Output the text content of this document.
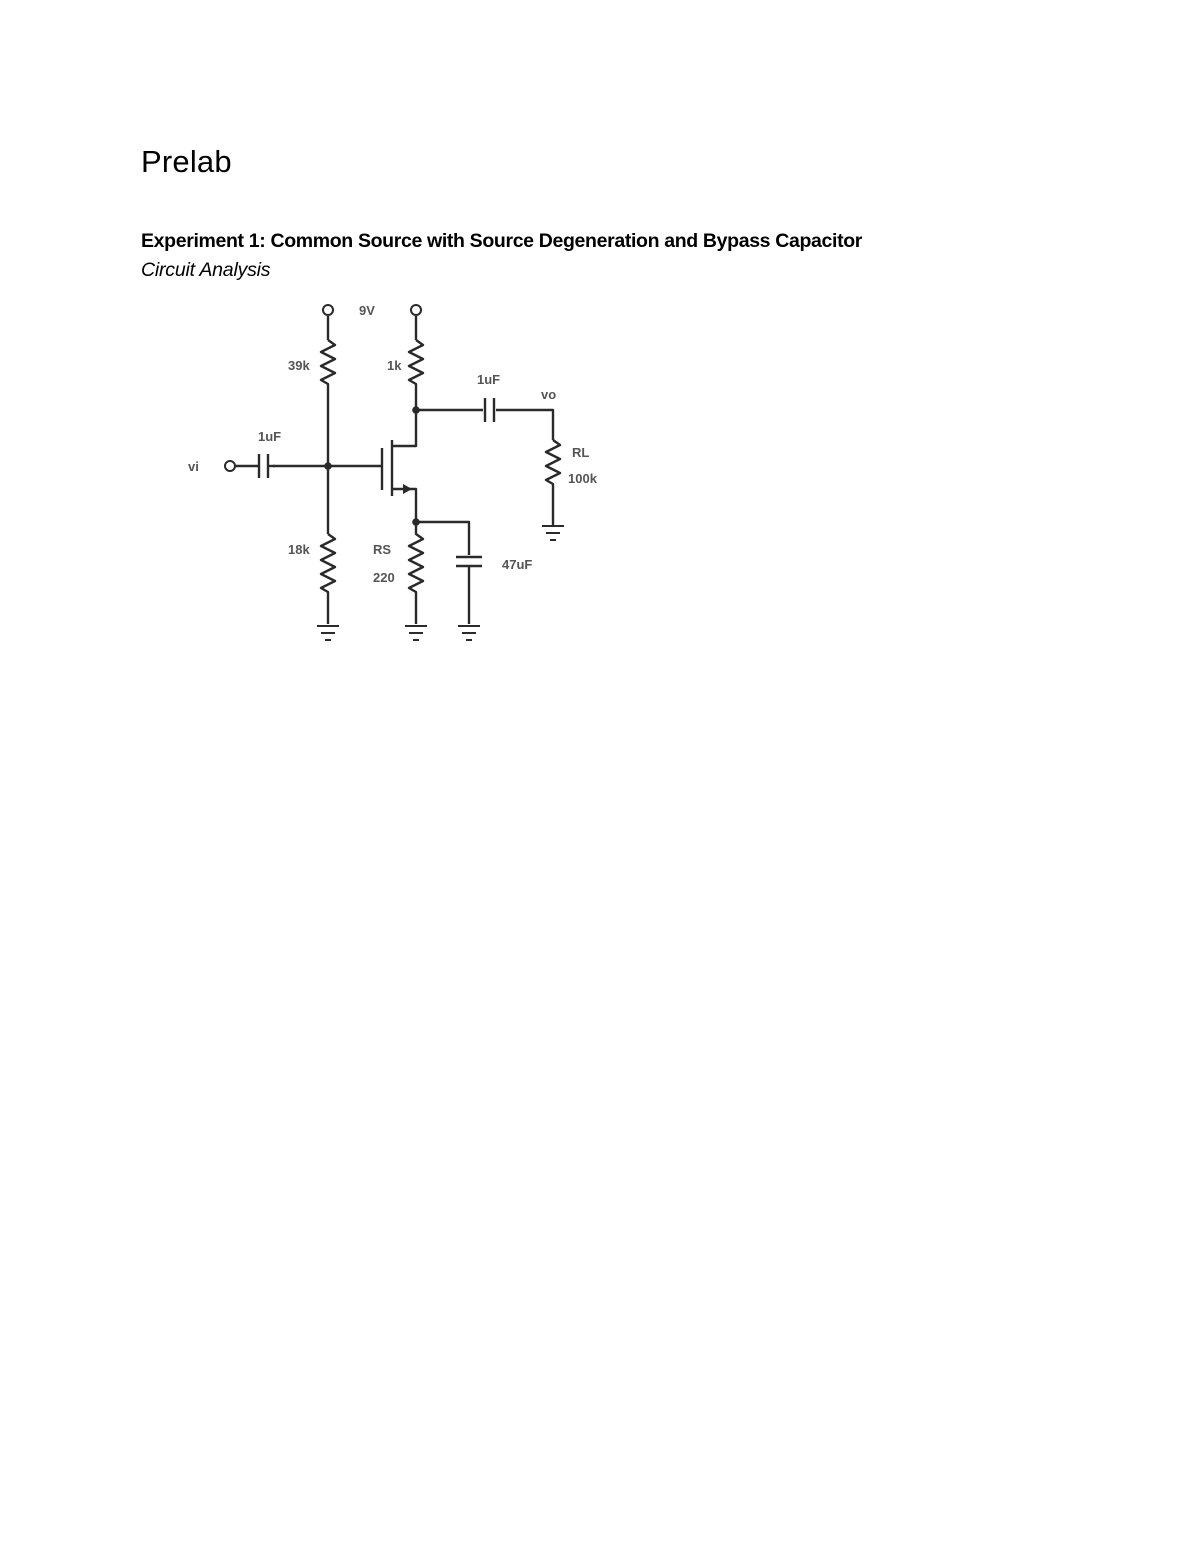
Prelab
Experiment 1: Common Source with Source Degeneration and Bypass Capacitor
Circuit Analysis
9V
39k	1k
1uF
vo
1uF
vi
RL
100k
18k	RS
220
47uF
